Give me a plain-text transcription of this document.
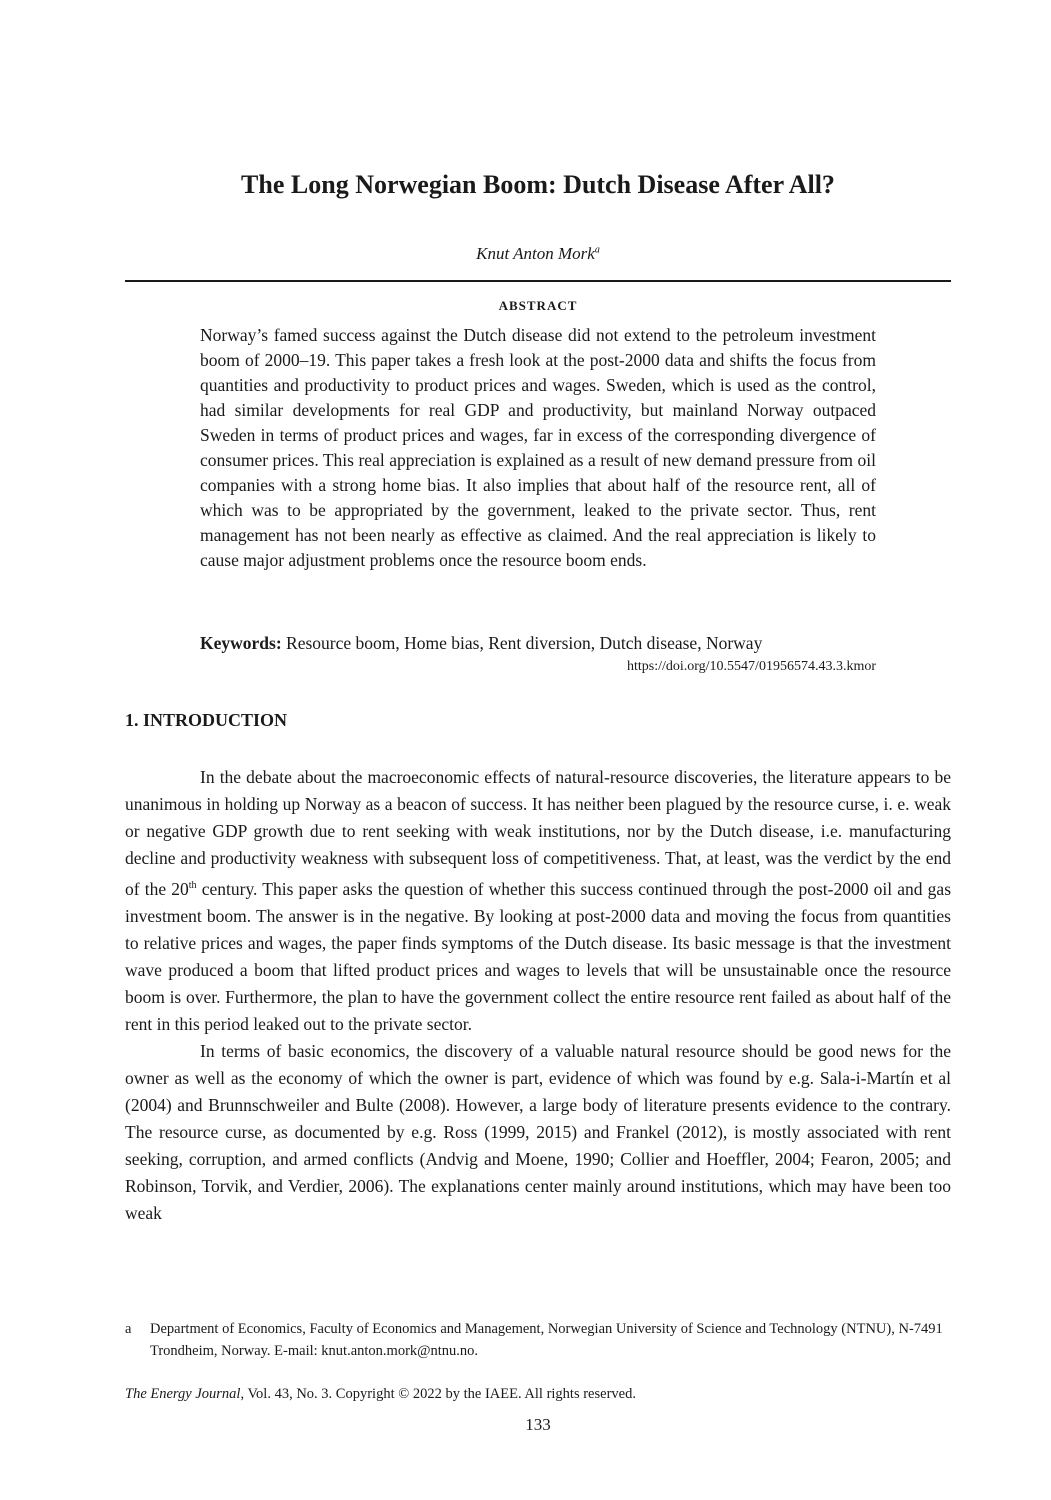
The Long Norwegian Boom: Dutch Disease After All?
Knut Anton Mork$^a$
ABSTRACT

Norway’s famed success against the Dutch disease did not extend to the petroleum investment boom of 2000–19. This paper takes a fresh look at the post-2000 data and shifts the focus from quantities and productivity to product prices and wages. Sweden, which is used as the control, had similar developments for real GDP and productivity, but mainland Norway outpaced Sweden in terms of product prices and wages, far in excess of the corresponding divergence of consumer prices. This real appreciation is explained as a result of new demand pressure from oil companies with a strong home bias. It also implies that about half of the resource rent, all of which was to be appropriated by the government, leaked to the private sector. Thus, rent management has not been nearly as effective as claimed. And the real appreciation is likely to cause major adjustment problems once the resource boom ends.

Keywords: Resource boom, Home bias, Rent diversion, Dutch disease, Norway

https://doi.org/10.5547/01956574.43.3.kmor
1. INTRODUCTION

In the debate about the macroeconomic effects of natural-resource discoveries, the literature appears to be unanimous in holding up Norway as a beacon of success. It has neither been plagued by the resource curse, i. e. weak or negative GDP growth due to rent seeking with weak institutions, nor by the Dutch disease, i.e. manufacturing decline and productivity weakness with subsequent loss of competitiveness. That, at least, was the verdict by the end of the 20th century. This paper asks the question of whether this success continued through the post-2000 oil and gas investment boom. The answer is in the negative. By looking at post-2000 data and moving the focus from quantities to relative prices and wages, the paper finds symptoms of the Dutch disease. Its basic message is that the investment wave produced a boom that lifted product prices and wages to levels that will be unsustainable once the resource boom is over. Furthermore, the plan to have the government collect the entire resource rent failed as about half of the rent in this period leaked out to the private sector.

In terms of basic economics, the discovery of a valuable natural resource should be good news for the owner as well as the economy of which the owner is part, evidence of which was found by e.g. Sala-i-Martín et al (2004) and Brunnschweiler and Bulte (2008). However, a large body of literature presents evidence to the contrary. The resource curse, as documented by e.g. Ross (1999, 2015) and Frankel (2012), is mostly associated with rent seeking, corruption, and armed conflicts (Andvig and Moene, 1990; Collier and Hoeffler, 2004; Fearon, 2005; and Robinson, Torvik, and Verdier, 2006). The explanations center mainly around institutions, which may have been too weak

a Department of Economics, Faculty of Economics and Management, Norwegian University of Science and Technology (NTNU), N-7491 Trondheim, Norway. E-mail: knut.anton.mork@ntnu.no.
The Energy Journal, Vol. 43, No. 3. Copyright © 2022 by the IAEE. All rights reserved.
133
